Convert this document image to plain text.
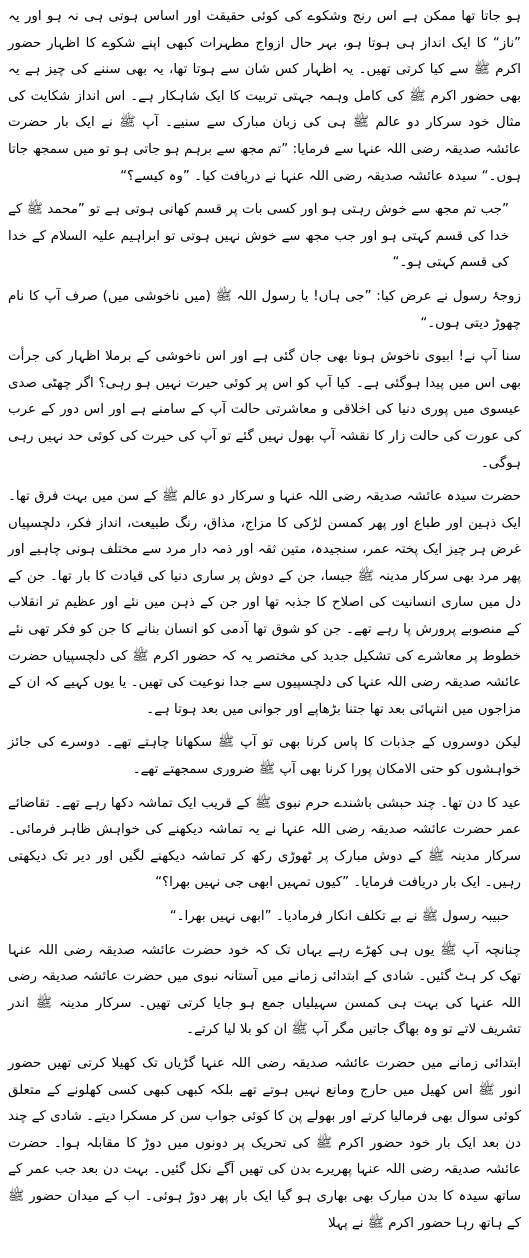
ہو جاتا تھا ممکن ہے اس رنج وشکوے کی کوئی حقیقت اور اساس ہوتی ہی نہ ہو اور یہ ”ناز“ کا ایک انداز ہی ہوتا ہو، بہر حال ازواج مطہرات کبھی اپنے شکوے کا اظہار حضور اکرم ﷺ سے کیا کرتی تھیں۔ یہ اظہار کس شان سے ہوتا تھا، یہ بھی سننے کی چیز ہے یہ بھی حضور اکرم ﷺ کی کامل وہمہ جہتی تربیت کا ایک شاہکار ہے۔ اس انداز شکایت کی مثال خود سرکار دو عالم ﷺ ہی کی زبان مبارک سے سنیے۔ آپ ﷺ نے ایک بار حضرت عائشہ صدیقہ رضی اللہ عنہا سے فرمایا: ”تم مجھ سے برہم ہو جاتی ہو تو میں سمجھ جاتا ہوں۔“ سیدہ عائشہ صدیقہ رضی اللہ عنہا نے دریافت کیا۔ ”وہ کیسے؟“

”جب تم مجھ سے خوش رہتی ہو اور کسی بات پر قسم کھانی ہوتی ہے تو ”محمد ﷺ کے خدا کی قسم کہتی ہو اور جب مجھ سے خوش نہیں ہوتی تو ابراہیم علیہ السلام کے خدا کی قسم کہتی ہو۔“

زوجۂ رسول نے عرض کیا: ”جی ہاں! یا رسول اللہ ﷺ (میں ناخوشی میں) صرف آپ کا نام چھوڑ دیتی ہوں۔“

سنا آپ نے! ابیوی ناخوش ہونا بھی جان گئی ہے اور اس ناخوشی کے برملا اظہار کی جرأت بھی اس میں پیدا ہوگئی ہے۔ کیا آپ کو اس پر کوئی حیرت نہیں ہو رہی؟ اگر چھٹی صدی عیسوی میں پوری دنیا کی اخلاقی و معاشرتی حالت آپ کے سامنے ہے اور اس دور کے عرب کی عورت کی حالت زار کا نقشہ آپ بھول نہیں گئے تو آپ کی حیرت کی کوئی حد نہیں رہی ہوگی۔

حضرت سیدہ عائشہ صدیقہ رضی اللہ عنہا و سرکار دو عالم ﷺ کے سن میں بہت فرق تھا۔ ایک ذہین اور طباع اور پھر کمسن لڑکی کا مزاج، مذاق، رنگ طبیعت، انداز فکر، دلچسپیاں غرض ہر چیز ایک پختہ عمر، سنجیدہ، متین ثقہ اور ذمہ دار مرد سے مختلف ہونی چاہیے اور پھر مرد بھی سرکار مدینہ ﷺ جیسا، جن کے دوش پر ساری دنیا کی قیادت کا بار تھا۔ جن کے دل میں ساری انسانیت کی اصلاح کا جذبہ تھا اور جن کے ذہن میں نئے اور عظیم تر انقلاب کے منصوبے پرورش پا رہے تھے۔ جن کو شوق تھا آدمی کو انسان بنانے کا جن کو فکر تھی نئے خطوط پر معاشرے کی تشکیل جدید کی مختصر یہ کہ حضور اکرم ﷺ کی دلچسپیاں حضرت عائشہ صدیقہ رضی اللہ عنہا کی دلچسپیوں سے جدا نوعیت کی تھیں۔ یا یوں کہیے کہ ان کے مزاجوں میں انتہائی بعد تھا جتنا بڑھاپے اور جوانی میں بعد ہوتا ہے۔

لیکن دوسروں کے جذبات کا پاس کرنا بھی تو آپ ﷺ سکھانا چاہتے تھے۔ دوسرے کی جائز خواہشوں کو حتی الامکان پورا کرنا بھی آپ ﷺ ضروری سمجھتے تھے۔

عید کا دن تھا۔ چند حبشی باشندے حرم نبوی ﷺ کے قریب ایک تماشہ دکھا رہے تھے۔ تقاضائے عمر حضرت عائشہ صدیقہ رضی اللہ عنہا نے یہ تماشہ دیکھنے کی خواہش ظاہر فرمائی۔ سرکار مدینہ ﷺ کے دوش مبارک پر ٹھوڑی رکھ کر تماشہ دیکھنے لگیں اور دیر تک دیکھتی رہیں۔ ایک بار دریافت فرمایا۔ ”کیوں تمہیں ابھی جی نہیں بھرا؟“

حبیبہ رسول ﷺ نے بے تکلف انکار فرمادیا۔ ”ابھی نہیں بھرا۔“

چنانچہ آپ ﷺ یوں ہی کھڑے رہے یہاں تک کہ خود حضرت عائشہ صدیقہ رضی اللہ عنہا تھک کر ہٹ گئیں۔ شادی کے ابتدائی زمانے میں آستانہ نبوی میں حضرت عائشہ صدیقہ رضی اللہ عنہا کی بہت ہی کمسن سہیلیاں جمع ہو جایا کرتی تھیں۔ سرکار مدینہ ﷺ اندر تشریف لاتے تو وہ بھاگ جاتیں مگر آپ ﷺ ان کو بلا لیا کرتے۔

ابتدائی زمانے میں حضرت عائشہ صدیقہ رضی اللہ عنہا گڑیاں تک کھیلا کرتی تھیں حضور انور ﷺ اس کھیل میں حارج ومانع نہیں ہوتے تھے بلکہ کبھی کبھی کسی کھلونے کے متعلق کوئی سوال بھی فرمالیا کرتے اور بھولے پن کا کوئی جواب سن کر مسکرا دیتے۔ شادی کے چند دن بعد ایک بار خود حضور اکرم ﷺ کی تحریک پر دونوں میں دوڑ کا مقابلہ ہوا۔ حضرت عائشہ صدیقہ رضی اللہ عنہا پھریرے بدن کی تھیں آگے نکل گئیں۔ بہت دن بعد جب عمر کے ساتھ سیدہ کا بدن مبارک بھی بھاری ہو گیا ایک بار پھر دوڑ ہوئی۔ اب کے میدان حضور ﷺ کے ہاتھ رہا حضور اکرم ﷺ نے پہلا
